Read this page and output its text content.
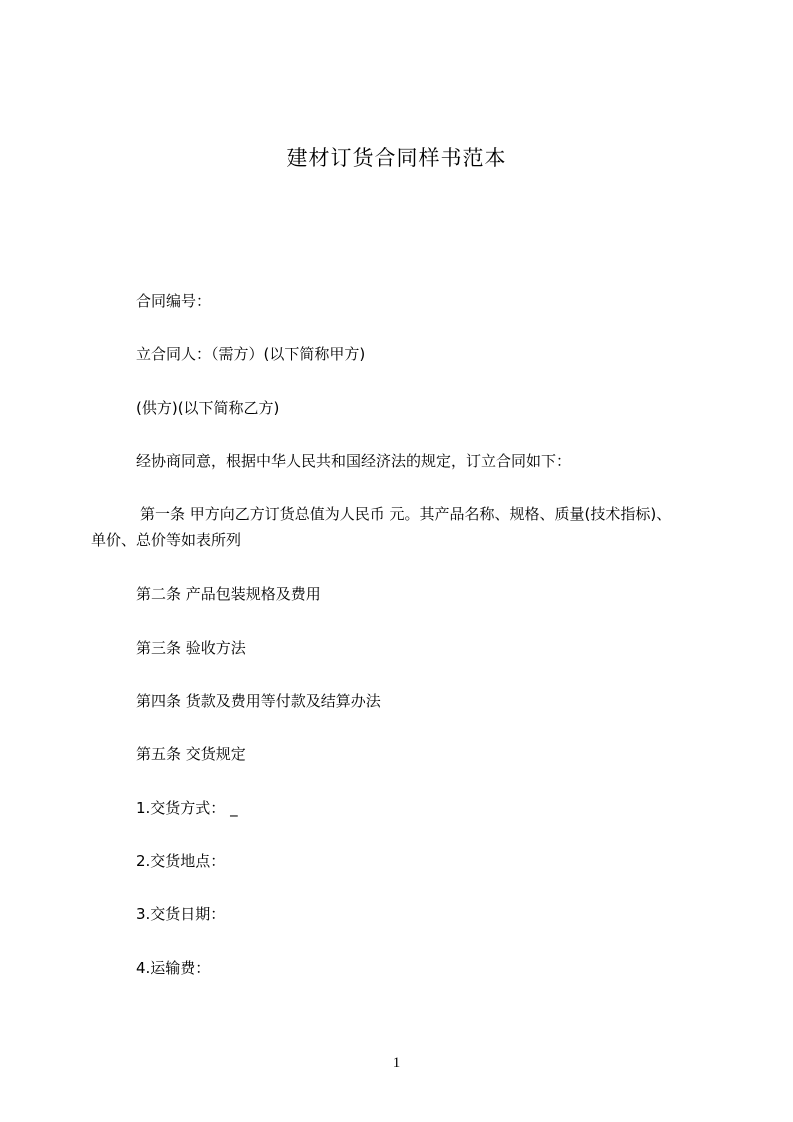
建材订货合同样书范本
合同编号：
立合同人：（需方）(以下简称甲方)
(供方)(以下简称乙方)
经协商同意，根据中华人民共和国经济法的规定，订立合同如下：
第一条 甲方向乙方订货总值为人民币 元。其产品名称、规格、质量(技术指标)、
单价、总价等如表所列
第二条 产品包装规格及费用
第三条 验收方法
第四条 货款及费用等付款及结算办法
第五条 交货规定
1.交货方式： _
2.交货地点：
3.交货日期：
4.运输费：
1
